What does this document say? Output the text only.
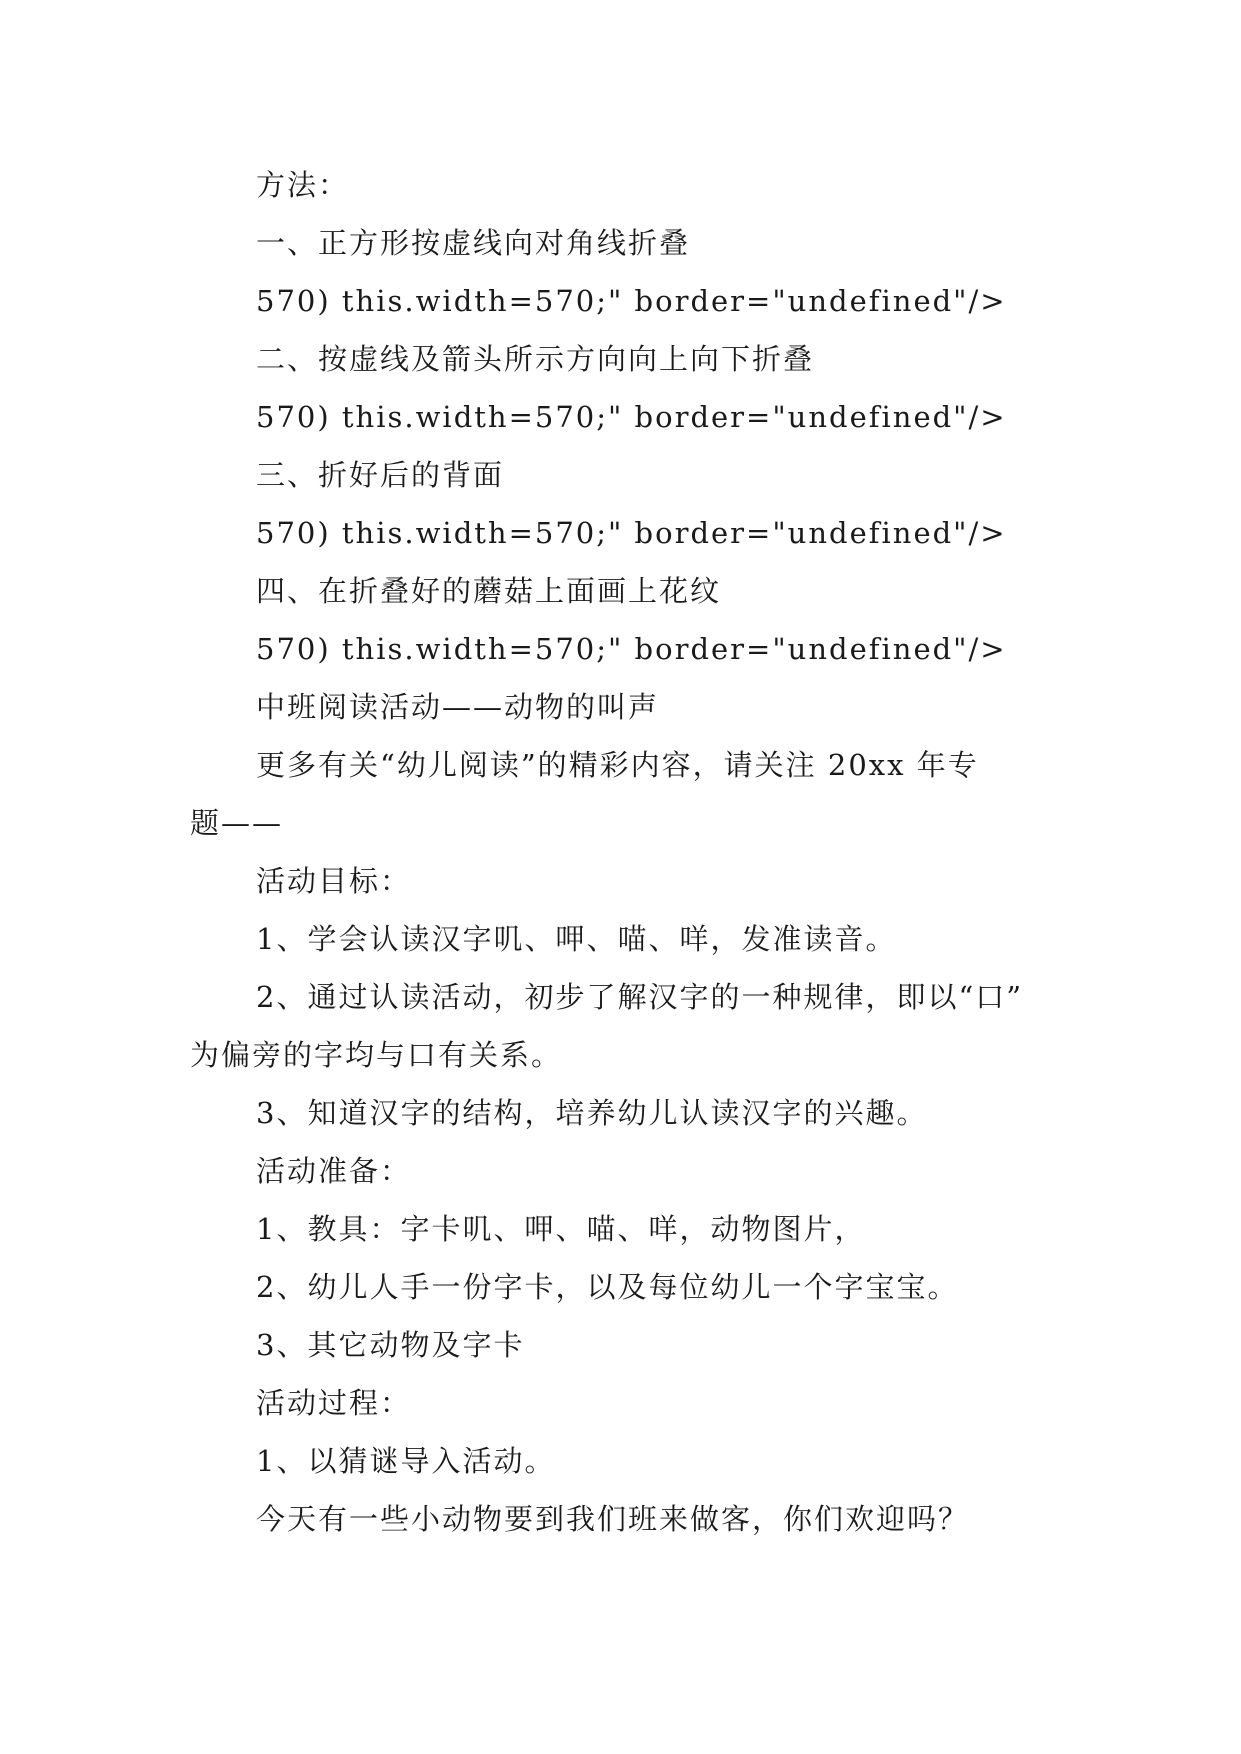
方法：
一、正方形按虚线向对角线折叠
570) this.width=570;" border="undefined"/>
二、按虚线及箭头所示方向向上向下折叠
570) this.width=570;" border="undefined"/>
三、折好后的背面
570) this.width=570;" border="undefined"/>
四、在折叠好的蘑菇上面画上花纹
570) this.width=570;" border="undefined"/>
中班阅读活动——动物的叫声
更多有关“幼儿阅读”的精彩内容，请关注 20xx 年专
题——
活动目标：
1、学会认读汉字叽、呷、喵、咩，发准读音。
2、通过认读活动，初步了解汉字的一种规律，即以“口”
为偏旁的字均与口有关系。
3、知道汉字的结构，培养幼儿认读汉字的兴趣。
活动准备：
1、教具：字卡叽、呷、喵、咩，动物图片，
2、幼儿人手一份字卡，以及每位幼儿一个字宝宝。
3、其它动物及字卡
活动过程：
1、以猜谜导入活动。
今天有一些小动物要到我们班来做客，你们欢迎吗？
